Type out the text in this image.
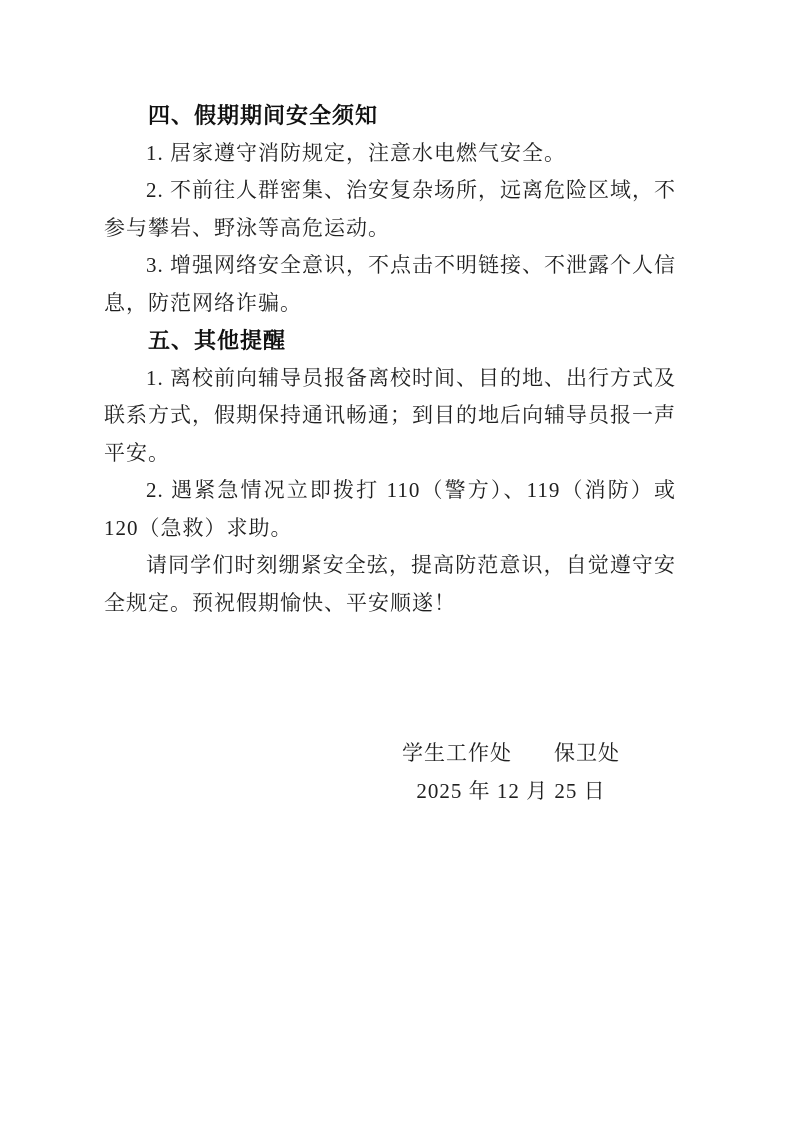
四、假期期间安全须知

1. 居家遵守消防规定，注意水电燃气安全。

2. 不前往人群密集、治安复杂场所，远离危险区域，不参与攀岩、野泳等高危运动。

3. 增强网络安全意识，不点击不明链接、不泄露个人信息，防范网络诈骗。

五、其他提醒

1. 离校前向辅导员报备离校时间、目的地、出行方式及联系方式，假期保持通讯畅通；到目的地后向辅导员报一声平安。

2. 遇紧急情况立即拨打 110（警方）、119（消防）或 120（急救）求助。

请同学们时刻绷紧安全弦，提高防范意识，自觉遵守安全规定。预祝假期愉快、平安顺遂！

学生工作处 保卫处
2025 年 12 月 25 日
